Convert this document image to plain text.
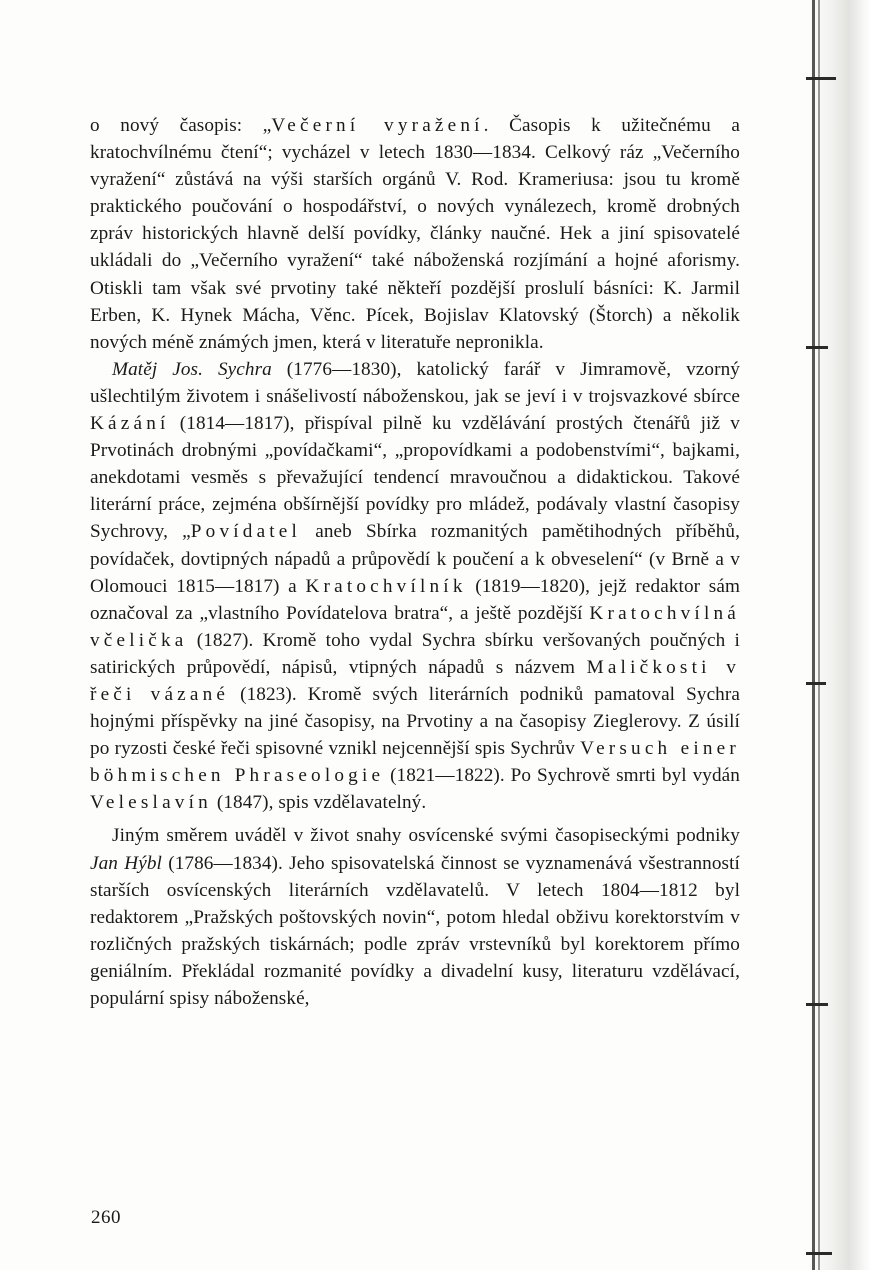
o nový časopis: „Večerní vyražení. Časopis k užitečnému a kratochvílnému čtení“; vycházel v letech 1830—1834. Celkový ráz „Večerního vyražení“ zůstává na výši starších orgánů V. Rod. Krameriusa: jsou tu kromě praktického poučování o hospodářství, o nových vynálezech, kromě drobných zpráv historických hlavně delší povídky, články naučné. Hek a jiní spisovatelé ukládali do „Večerního vyražení“ také náboženská rozjímání a hojné aforismy. Otiskli tam však své prvotiny také někteří pozdější proslulí básníci: K. Jarmil Erben, K. Hynek Mácha, Věnc. Pícek, Bojislav Klatovský (Štorch) a několik nových méně známých jmen, která v literatuře nepronikla.

Matěj Jos. Sychra (1776—1830), katolický farář v Jimramově, vzorný ušlechtilým životem i snášelivostí náboženskou, jak se jeví i v trojsvazkové sbírce Kázání (1814—1817), přispíval pilně ku vzdělávání prostých čtenářů již v Prvotinách drobnými „povídačkami“, „propovídkami a podobenstvími“, bajkami, anekdotami vesměs s převažující tendencí mravoučnou a didaktickou. Takové literární práce, zejména obšírnější povídky pro mládež, podávaly vlastní časopisy Sychrovy, „Povídatel aneb Sbírka rozmanitých pamětihodných příběhů, povídaček, dovtipných nápadů a průpovědí k poučení a k obveselení“ (v Brně a v Olomouci 1815—1817) a Kratochvílník (1819—1820), jejž redaktor sám označoval za „vlastního Povídatelova bratra“, a ještě pozdější Kratochvílná včelička (1827). Kromě toho vydal Sychra sbírku veršovaných poučných i satirických průpovědí, nápisů, vtipných nápadů s názvem Maličkosti v řeči vázané (1823). Kromě svých literárních podniků pamatoval Sychra hojnými příspěvky na jiné časopisy, na Prvotiny a na časopisy Zieglerovy. Z úsilí po ryzosti české řeči spisovné vznikl nejcennější spis Sychrův Versuch einer böhmischen Phraseologie (1821—1822). Po Sychrově smrti byl vydán Veleslavín (1847), spis vzdělavatelný.

Jiným směrem uváděl v život snahy osvícenské svými časopiseckými podniky Jan Hýbl (1786—1834). Jeho spisovatelská činnost se vyznamenává všestranností starších osvícenských literárních vzdělavatelů. V letech 1804—1812 byl redaktorem „Pražských poštovských novin“, potom hledal obživu korektorstvím v rozličných pražských tiskárnách; podle zpráv vrstevníků byl korektorem přímo geniálním. Překládal rozmanité povídky a divadelní kusy, literaturu vzdělávací, populární spisy náboženské,

260
